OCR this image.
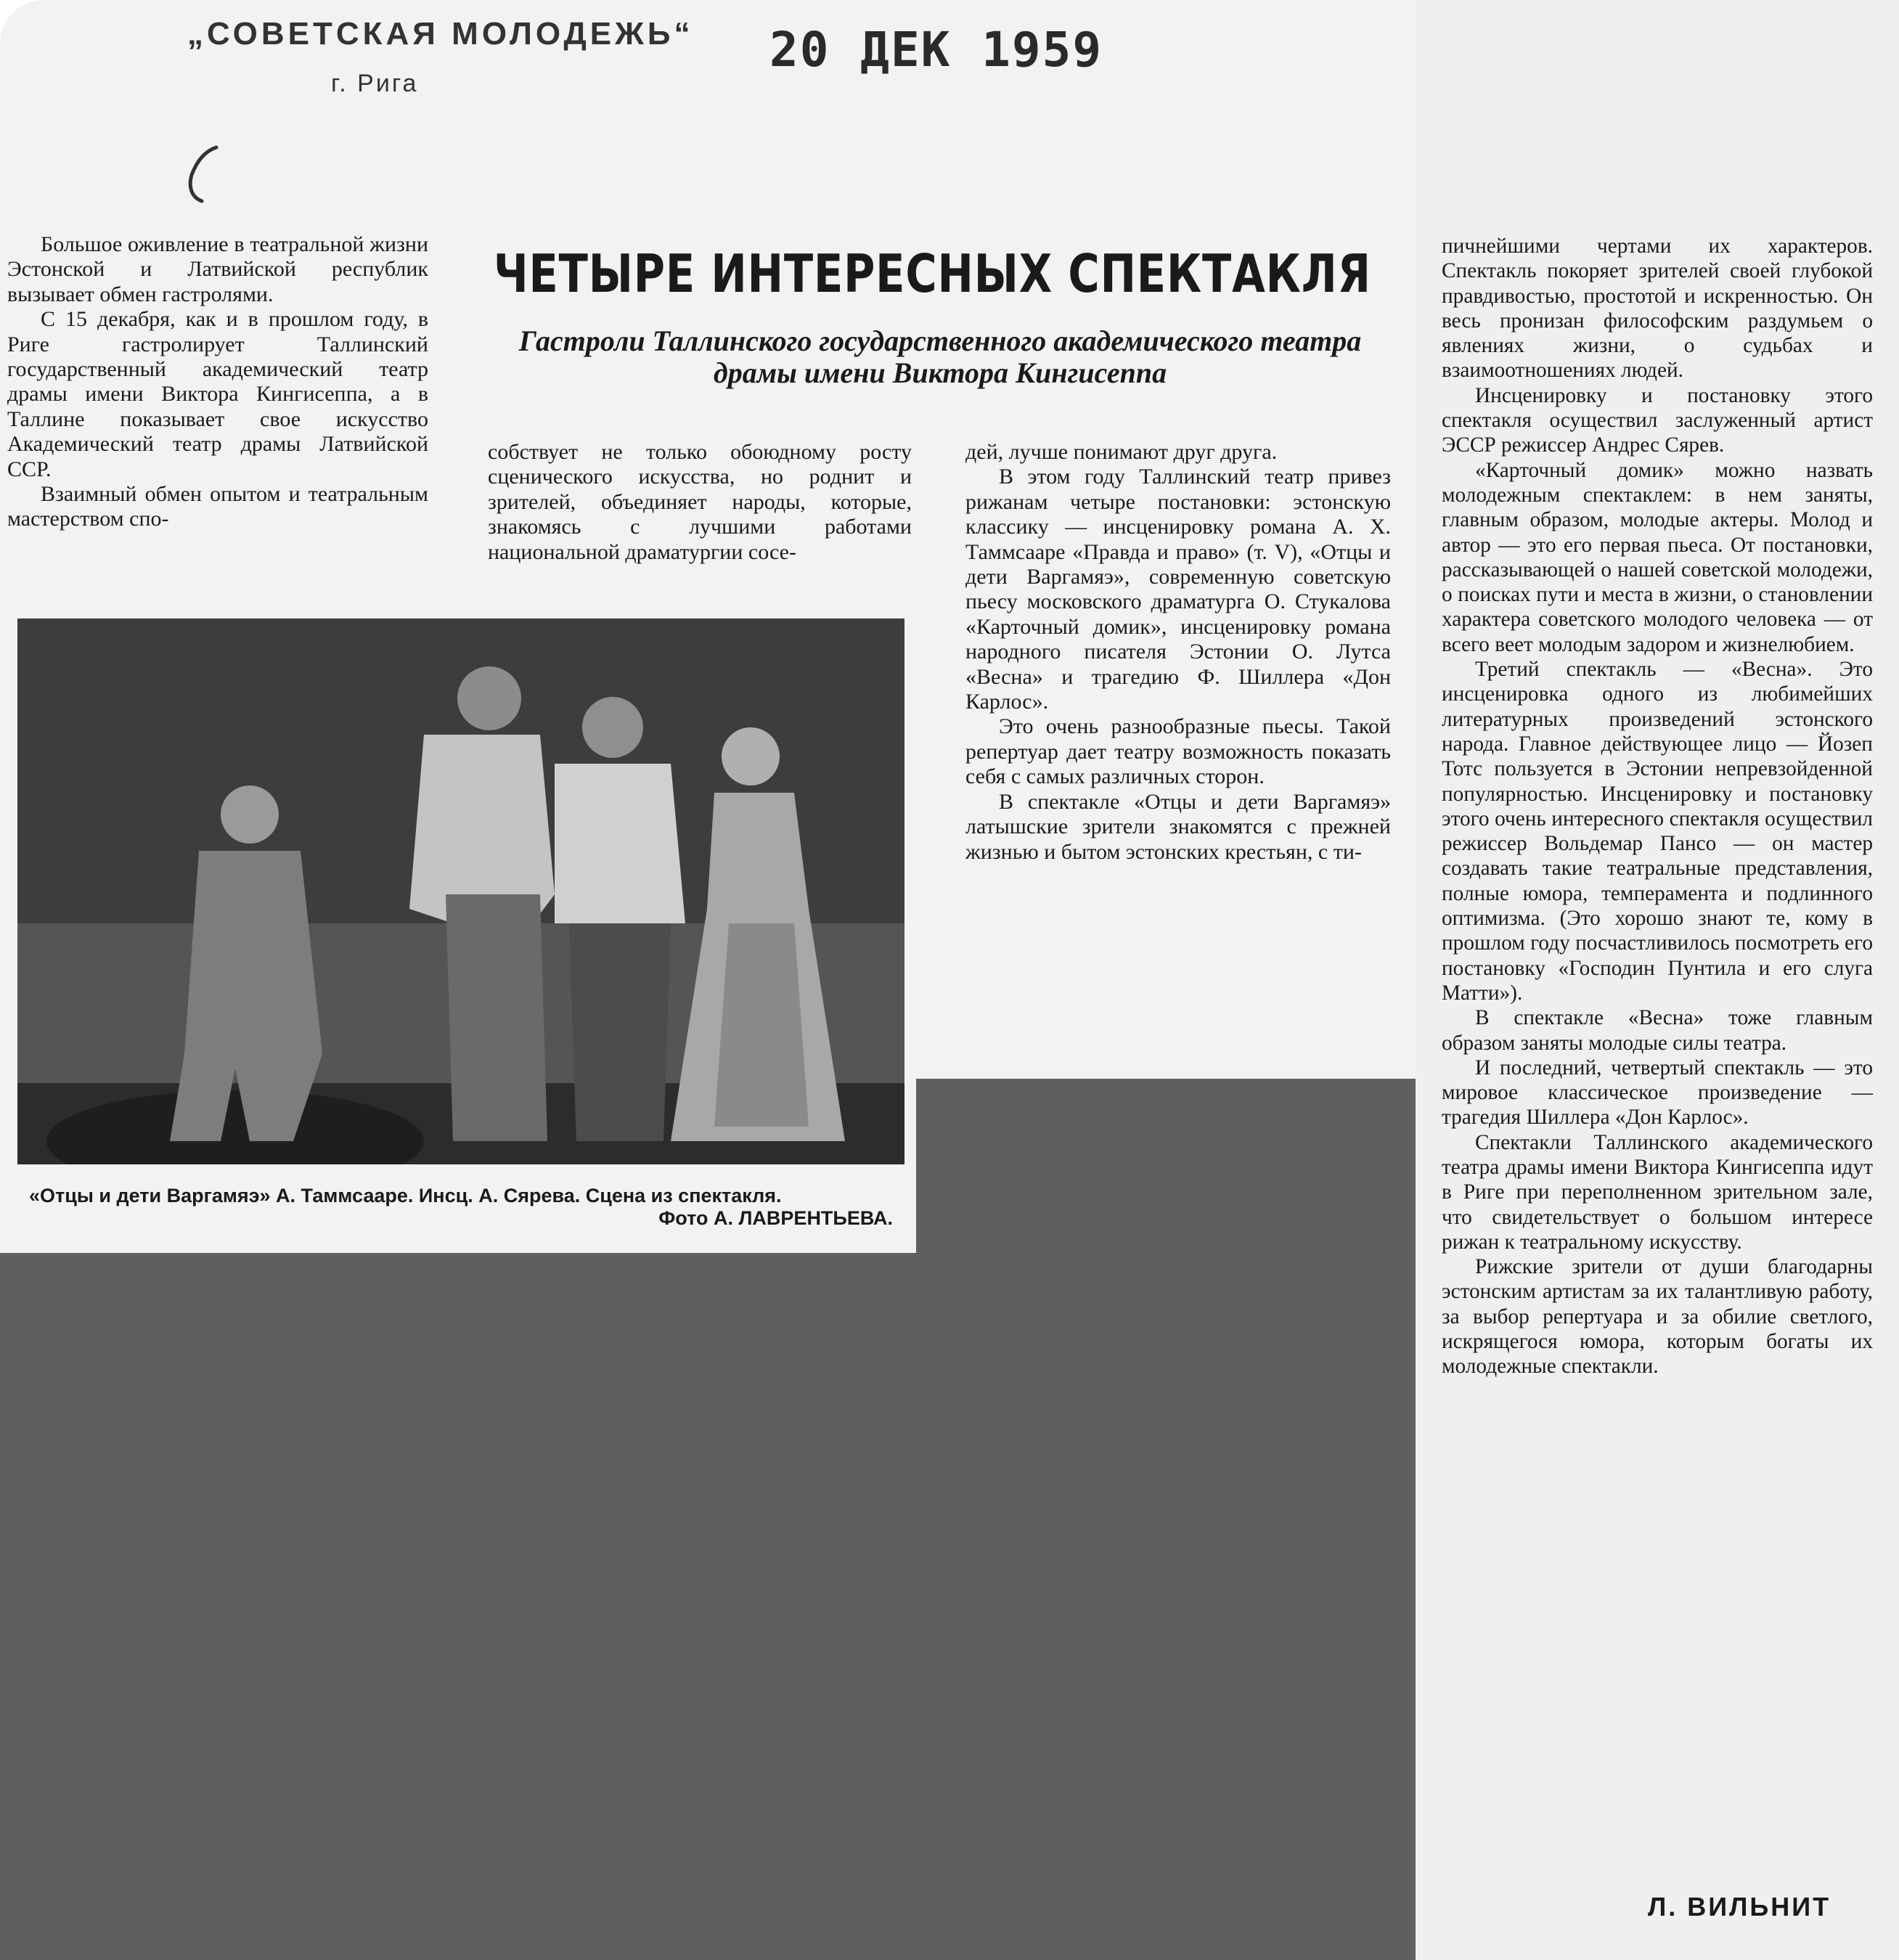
„СОВЕТСКАЯ МОЛОДЕЖЬ“
г. Рига
20 ДЕК 1959
ЧЕТЫРЕ ИНТЕРЕСНЫХ СПЕКТАКЛЯ
Гастроли Таллинского государственного академического театра драмы имени Виктора Кингисеппа

Большое оживление в театральной жизни Эстонской и Латвийской республик вызывает обмен гастролями.

С 15 декабря, как и в прошлом году, в Риге гастролирует Таллинский государственный академический театр драмы имени Виктора Кингисеппа, а в Таллине показывает свое искусство Академический театр драмы Латвийской ССР.

Взаимный обмен опытом и театральным мастерством спо-

собствует не только обоюдному росту сценического искусства, но роднит и зрителей, объединяет народы, которые, знакомясь с лучшими работами национальной драматургии сосе-

дей, лучше понимают друг друга.

В этом году Таллинский театр привез рижанам четыре постановки: эстонскую классику — инсценировку романа А. Х. Таммсааре «Правда и право» (т. V), «Отцы и дети Варгамяэ», современную советскую пьесу московского драматурга О. Стукалова «Карточный домик», инсценировку романа народного писателя Эстонии О. Лутса «Весна» и трагедию Ф. Шиллера «Дон Карлос».

Это очень разнообразные пьесы. Такой репертуар дает театру возможность показать себя с самых различных сторон.

В спектакле «Отцы и дети Варгамяэ» латышские зрители знакомятся с прежней жизнью и бытом эстонских крестьян, с ти-

пичнейшими чертами их характеров. Спектакль покоряет зрителей своей глубокой правдивостью, простотой и искренностью. Он весь пронизан философским раздумьем о явлениях жизни, о судьбах и взаимоотношениях людей.

Инсценировку и постановку этого спектакля осуществил заслуженный артист ЭССР режиссер Андрес Сярев.

«Карточный домик» можно назвать молодежным спектаклем: в нем заняты, главным образом, молодые актеры. Молод и автор — это его первая пьеса. От постановки, рассказывающей о нашей советской молодежи, о поисках пути и места в жизни, о становлении характера советского молодого человека — от всего веет молодым задором и жизнелюбием.

Третий спектакль — «Весна». Это инсценировка одного из любимейших литературных произведений эстонского народа. Главное действующее лицо — Йозеп Тотс пользуется в Эстонии непревзойденной популярностью. Инсценировку и постановку этого очень интересного спектакля осуществил режиссер Вольдемар Пансо — он мастер создавать такие театральные представления, полные юмора, темперамента и подлинного оптимизма. (Это хорошо знают те, кому в прошлом году посчастливилось посмотреть его постановку «Господин Пунтила и его слуга Матти»).

В спектакле «Весна» тоже главным образом заняты молодые силы театра.

И последний, четвертый спектакль — это мировое классическое произведение — трагедия Шиллера «Дон Карлос».

Спектакли Таллинского академического театра драмы имени Виктора Кингисеппа идут в Риге при переполненном зрительном зале, что свидетельствует о большом интересе рижан к театральному искусству.

Рижские зрители от души благодарны эстонским артистам за их талантливую работу, за выбор репертуара и за обилие светлого, искрящегося юмора, которым богаты их молодежные спектакли.

Л. ВИЛЬНИТ
«Отцы и дети Варгамяэ» А. Таммсааре. Инсц. А. Сярева. Сцена из спектакля.
Фото А. ЛАВРЕНТЬЕВА.
